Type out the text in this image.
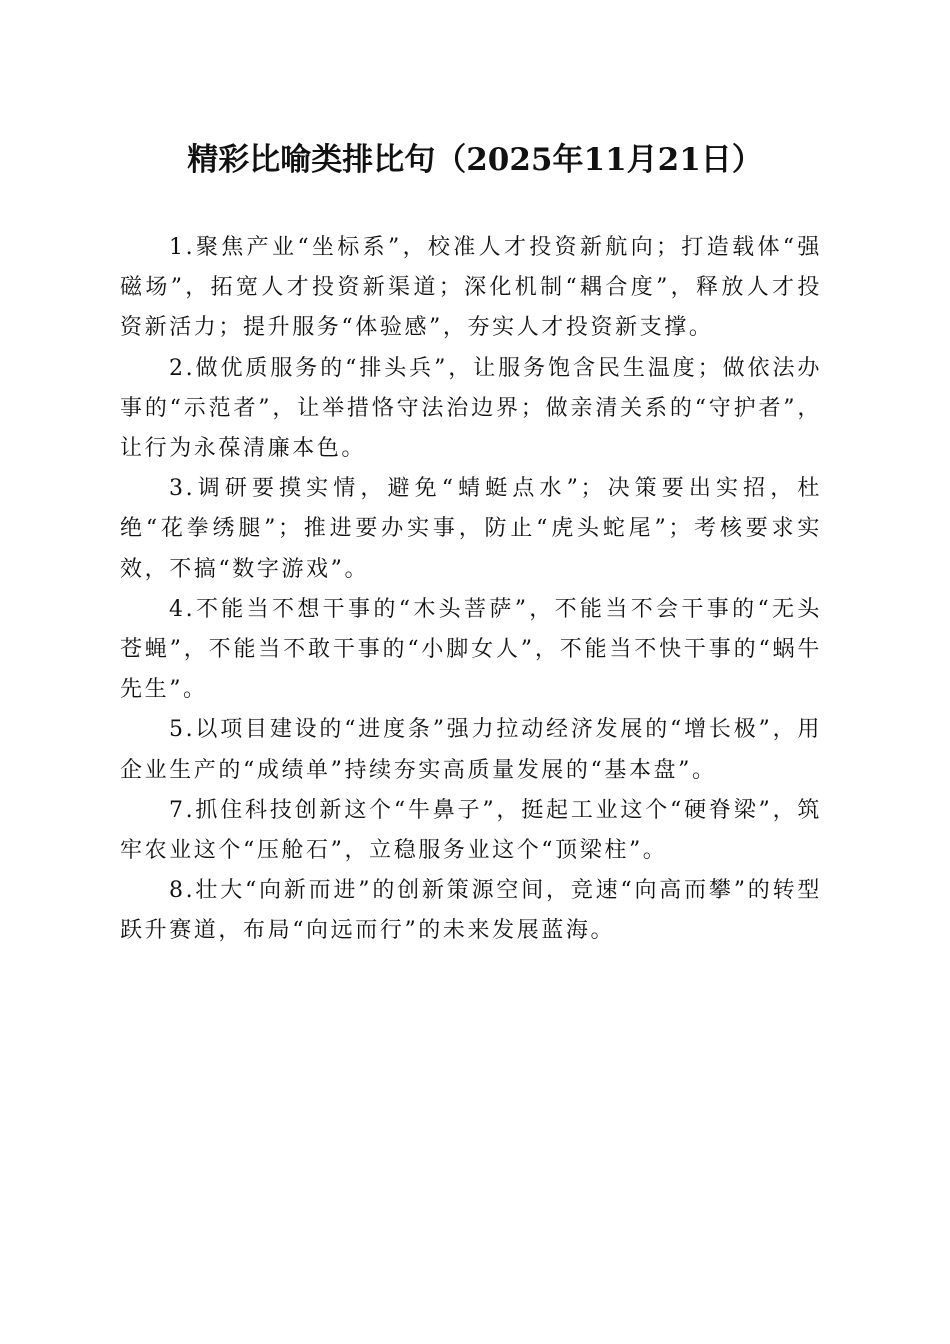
精彩比喻类排比句（2025年11月21日）

1.聚焦产业“坐标系”，校准人才投资新航向；打造载体“强磁场”，拓宽人才投资新渠道；深化机制“耦合度”，释放人才投资新活力；提升服务“体验感”，夯实人才投资新支撑。

2.做优质服务的“排头兵”，让服务饱含民生温度；做依法办事的“示范者”，让举措恪守法治边界；做亲清关系的“守护者”，让行为永葆清廉本色。

3.调研要摸实情，避免“蜻蜓点水”；决策要出实招，杜绝“花拳绣腿”；推进要办实事，防止“虎头蛇尾”；考核要求实效，不搞“数字游戏”。

4.不能当不想干事的“木头菩萨”，不能当不会干事的“无头苍蝇”，不能当不敢干事的“小脚女人”，不能当不快干事的“蜗牛先生”。

5.以项目建设的“进度条”强力拉动经济发展的“增长极”，用企业生产的“成绩单”持续夯实高质量发展的“基本盘”。

7.抓住科技创新这个“牛鼻子”，挺起工业这个“硬脊梁”，筑牢农业这个“压舱石”，立稳服务业这个“顶梁柱”。

8.壮大“向新而进”的创新策源空间，竞速“向高而攀”的转型跃升赛道，布局“向远而行”的未来发展蓝海。
